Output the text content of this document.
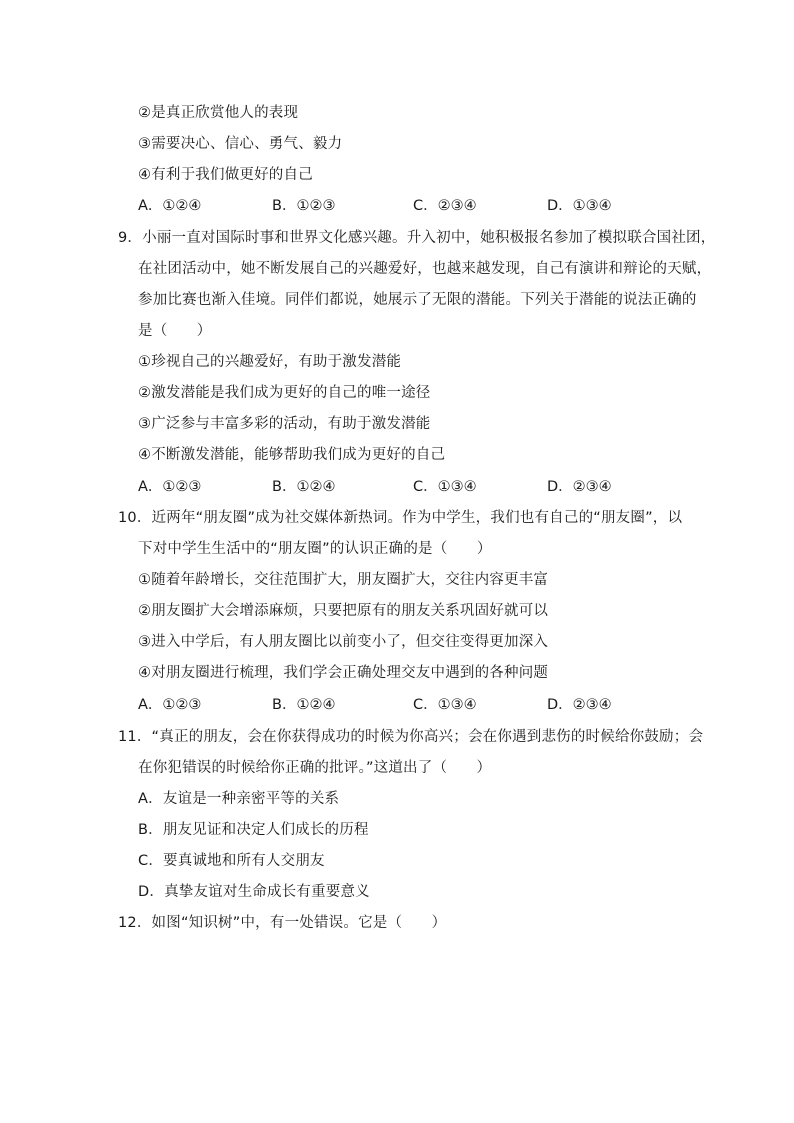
②是真正欣赏他人的表现
③需要决心、信心、勇气、毅力
④有利于我们做更好的自己
A．①②④	B．①②③	C．②③④	D．①③④
9．小丽一直对国际时事和世界文化感兴趣。升入初中，她积极报名参加了模拟联合国社团，
在社团活动中，她不断发展自己的兴趣爱好，也越来越发现，自己有演讲和辩论的天赋，
参加比赛也渐入佳境。同伴们都说，她展示了无限的潜能。下列关于潜能的说法正确的
是（　　）
①珍视自己的兴趣爱好，有助于激发潜能
②激发潜能是我们成为更好的自己的唯一途径
③广泛参与丰富多彩的活动，有助于激发潜能
④不断激发潜能，能够帮助我们成为更好的自己
A．①②③	B．①②④	C．①③④	D．②③④
10．近两年“朋友圈”成为社交媒体新热词。作为中学生，我们也有自己的“朋友圈”，以
下对中学生生活中的“朋友圈”的认识正确的是（　　）
①随着年龄增长，交往范围扩大，朋友圈扩大，交往内容更丰富
②朋友圈扩大会增添麻烦，只要把原有的朋友关系巩固好就可以
③进入中学后，有人朋友圈比以前变小了，但交往变得更加深入
④对朋友圈进行梳理，我们学会正确处理交友中遇到的各种问题
A．①②③	B．①②④	C．①③④	D．②③④
11．“真正的朋友，会在你获得成功的时候为你高兴；会在你遇到悲伤的时候给你鼓励；会
在你犯错误的时候给你正确的批评。”这道出了（　　）
A．友谊是一种亲密平等的关系
B．朋友见证和决定人们成长的历程
C．要真诚地和所有人交朋友
D．真挚友谊对生命成长有重要意义
12．如图“知识树”中，有一处错误。它是（　　）
